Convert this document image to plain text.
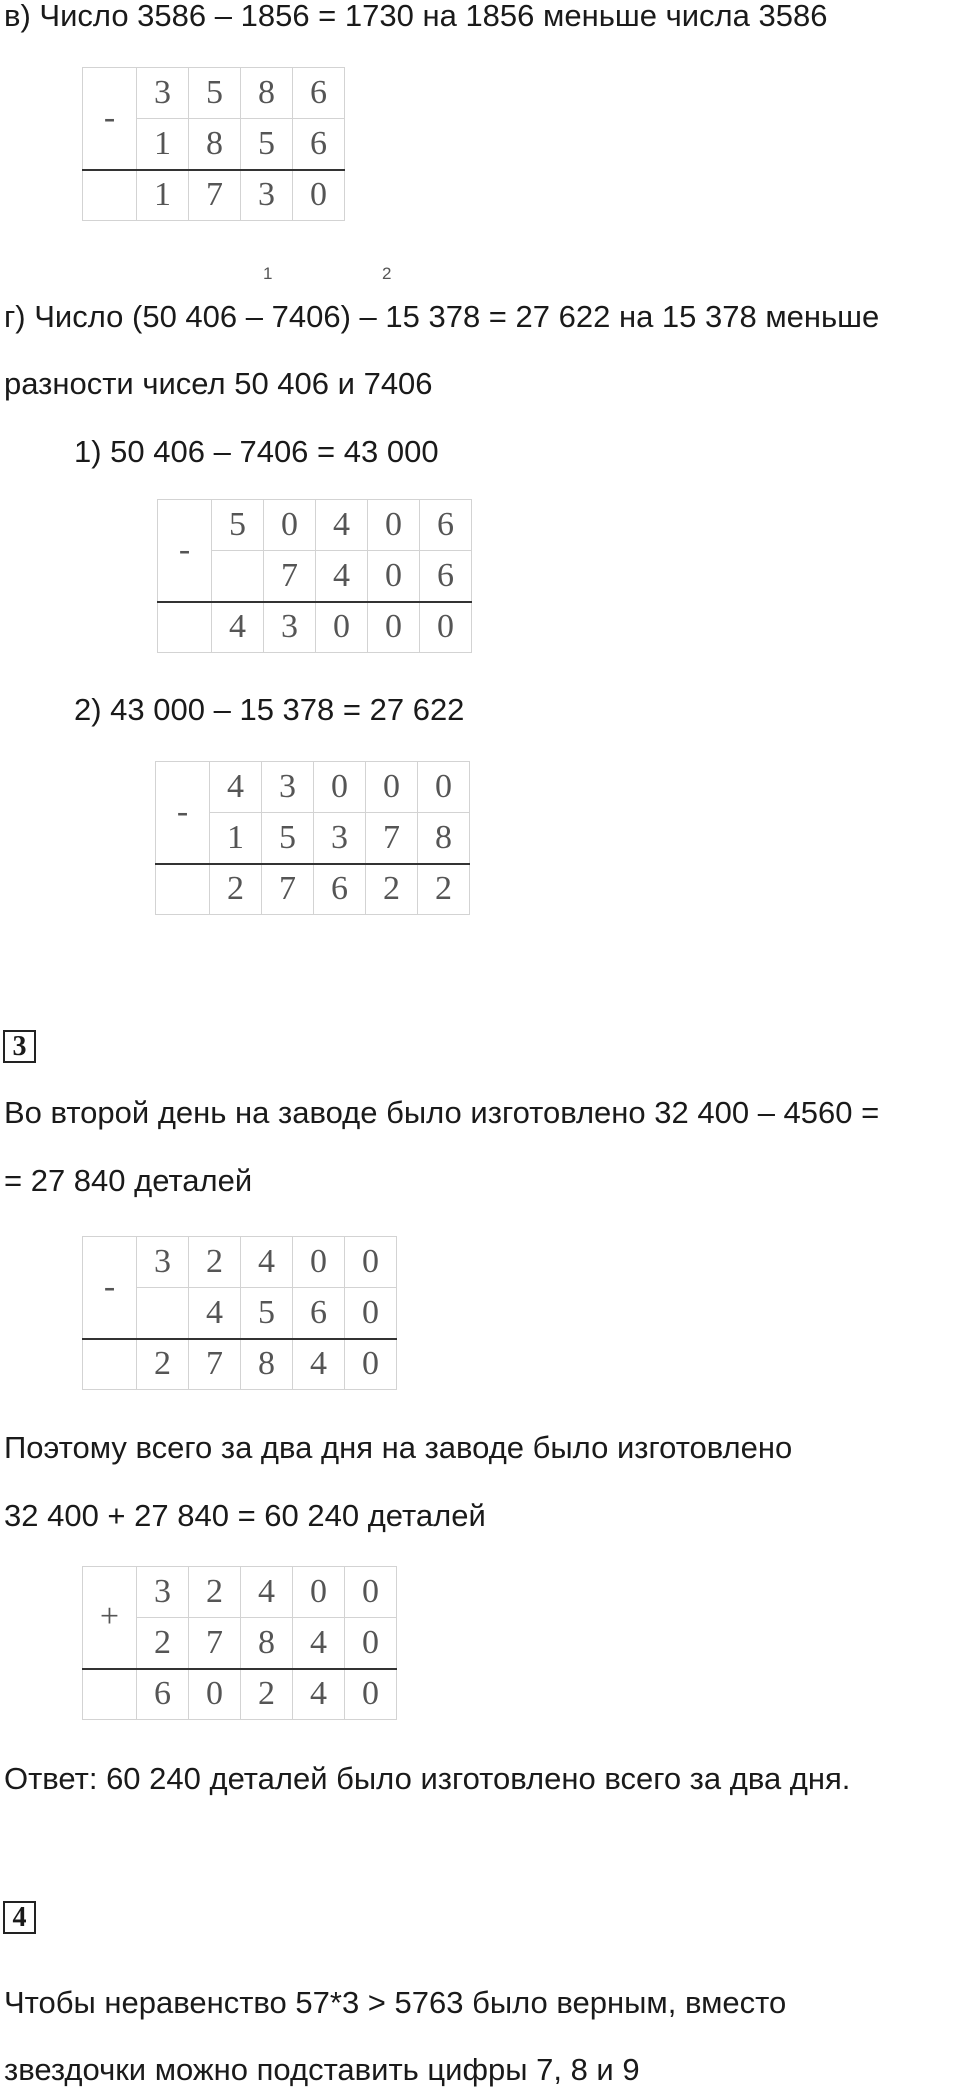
в) Число 3586 – 1856 = 1730 на 1856 меньше числа 3586
-	3	5	8	6
	1	8	5	6
	1	7	3	0
1	2
г) Число (50 406 – 7406) – 15 378 = 27 622 на 15 378 меньше
разности чисел 50 406 и 7406
1) 50 406 – 7406 = 43 000
-	5	0	4	0	6
		7	4	0	6
	4	3	0	0	0
2) 43 000 – 15 378 = 27 622
-	4	3	0	0	0
	1	5	3	7	8
	2	7	6	2	2
3
Во второй день на заводе было изготовлено 32 400 – 4560 =
= 27 840 деталей
-	3	2	4	0	0
		4	5	6	0
	2	7	8	4	0
Поэтому всего за два дня на заводе было изготовлено
32 400 + 27 840 = 60 240 деталей
+	3	2	4	0	0
	2	7	8	4	0
	6	0	2	4	0
Ответ: 60 240 деталей было изготовлено всего за два дня.
4
Чтобы неравенство 57*3 > 5763 было верным, вместо
звездочки можно подставить цифры 7, 8 и 9
